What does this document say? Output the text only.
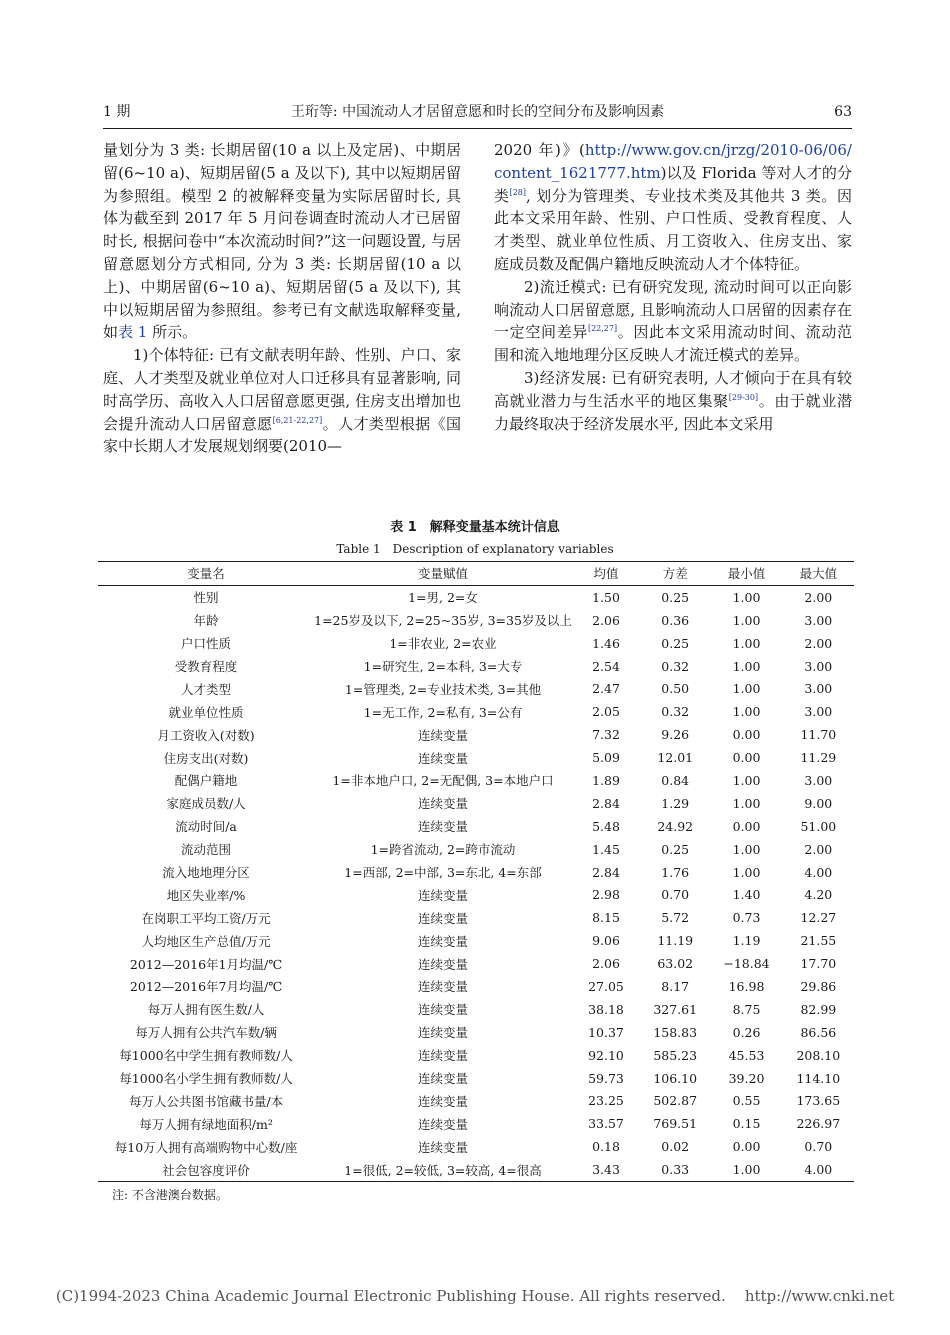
1 期	王珩等: 中国流动人才居留意愿和时长的空间分布及影响因素	63

量划分为 3 类: 长期居留(10 a 以上及定居)、中期居留(6~10 a)、短期居留(5 a 及以下), 其中以短期居留为参照组。模型 2 的被解释变量为实际居留时长, 具体为截至到 2017 年 5 月问卷调查时流动人才已居留时长, 根据问卷中“本次流动时间?”这一问题设置, 与居留意愿划分方式相同, 分为 3 类: 长期居留(10 a 以上)、中期居留(6~10 a)、短期居留(5 a 及以下), 其中以短期居留为参照组。参考已有文献选取解释变量, 如表 1 所示。

1)个体特征: 已有文献表明年龄、性别、户口、家庭、人才类型及就业单位对人口迁移具有显著影响, 同时高学历、高收入人口居留意愿更强, 住房支出增加也会提升流动人口居留意愿[6,21-22,27]。人才类型根据《国家中长期人才发展规划纲要(2010—

2020 年)》(http://www.gov.cn/jrzg/2010-06/06/content_1621777.htm)以及 Florida 等对人才的分类[28], 划分为管理类、专业技术类及其他共 3 类。因此本文采用年龄、性别、户口性质、受教育程度、人才类型、就业单位性质、月工资收入、住房支出、家庭成员数及配偶户籍地反映流动人才个体特征。

2)流迁模式: 已有研究发现, 流动时间可以正向影响流动人口居留意愿, 且影响流动人口居留的因素存在一定空间差异[22,27]。因此本文采用流动时间、流动范围和流入地地理分区反映人才流迁模式的差异。

3)经济发展: 已有研究表明, 人才倾向于在具有较高就业潜力与生活水平的地区集聚[29-30]。由于就业潜力最终取决于经济发展水平, 因此本文采用

表 1　解释变量基本统计信息
Table 1　Description of explanatory variables
变量名	变量赋值	均值	方差	最小值	最大值
性别	1=男, 2=女	1.50	0.25	1.00	2.00
年龄	1=25岁及以下, 2=25~35岁, 3=35岁及以上	2.06	0.36	1.00	3.00
户口性质	1=非农业, 2=农业	1.46	0.25	1.00	2.00
受教育程度	1=研究生, 2=本科, 3=大专	2.54	0.32	1.00	3.00
人才类型	1=管理类, 2=专业技术类, 3=其他	2.47	0.50	1.00	3.00
就业单位性质	1=无工作, 2=私有, 3=公有	2.05	0.32	1.00	3.00
月工资收入(对数)	连续变量	7.32	9.26	0.00	11.70
住房支出(对数)	连续变量	5.09	12.01	0.00	11.29
配偶户籍地	1=非本地户口, 2=无配偶, 3=本地户口	1.89	0.84	1.00	3.00
家庭成员数/人	连续变量	2.84	1.29	1.00	9.00
流动时间/a	连续变量	5.48	24.92	0.00	51.00
流动范围	1=跨省流动, 2=跨市流动	1.45	0.25	1.00	2.00
流入地地理分区	1=西部, 2=中部, 3=东北, 4=东部	2.84	1.76	1.00	4.00
地区失业率/%	连续变量	2.98	0.70	1.40	4.20
在岗职工平均工资/万元	连续变量	8.15	5.72	0.73	12.27
人均地区生产总值/万元	连续变量	9.06	11.19	1.19	21.55
2012—2016年1月均温/℃	连续变量	2.06	63.02	−18.84	17.70
2012—2016年7月均温/℃	连续变量	27.05	8.17	16.98	29.86
每万人拥有医生数/人	连续变量	38.18	327.61	8.75	82.99
每万人拥有公共汽车数/辆	连续变量	10.37	158.83	0.26	86.56
每1000名中学生拥有教师数/人	连续变量	92.10	585.23	45.53	208.10
每1000名小学生拥有教师数/人	连续变量	59.73	106.10	39.20	114.10
每万人公共图书馆藏书量/本	连续变量	23.25	502.87	0.55	173.65
每万人拥有绿地面积/m²	连续变量	33.57	769.51	0.15	226.97
每10万人拥有高端购物中心数/座	连续变量	0.18	0.02	0.00	0.70
社会包容度评价	1=很低, 2=较低, 3=较高, 4=很高	3.43	0.33	1.00	4.00
注: 不含港澳台数据。
(C)1994-2023 China Academic Journal Electronic Publishing House. All rights reserved.    http://www.cnki.net
